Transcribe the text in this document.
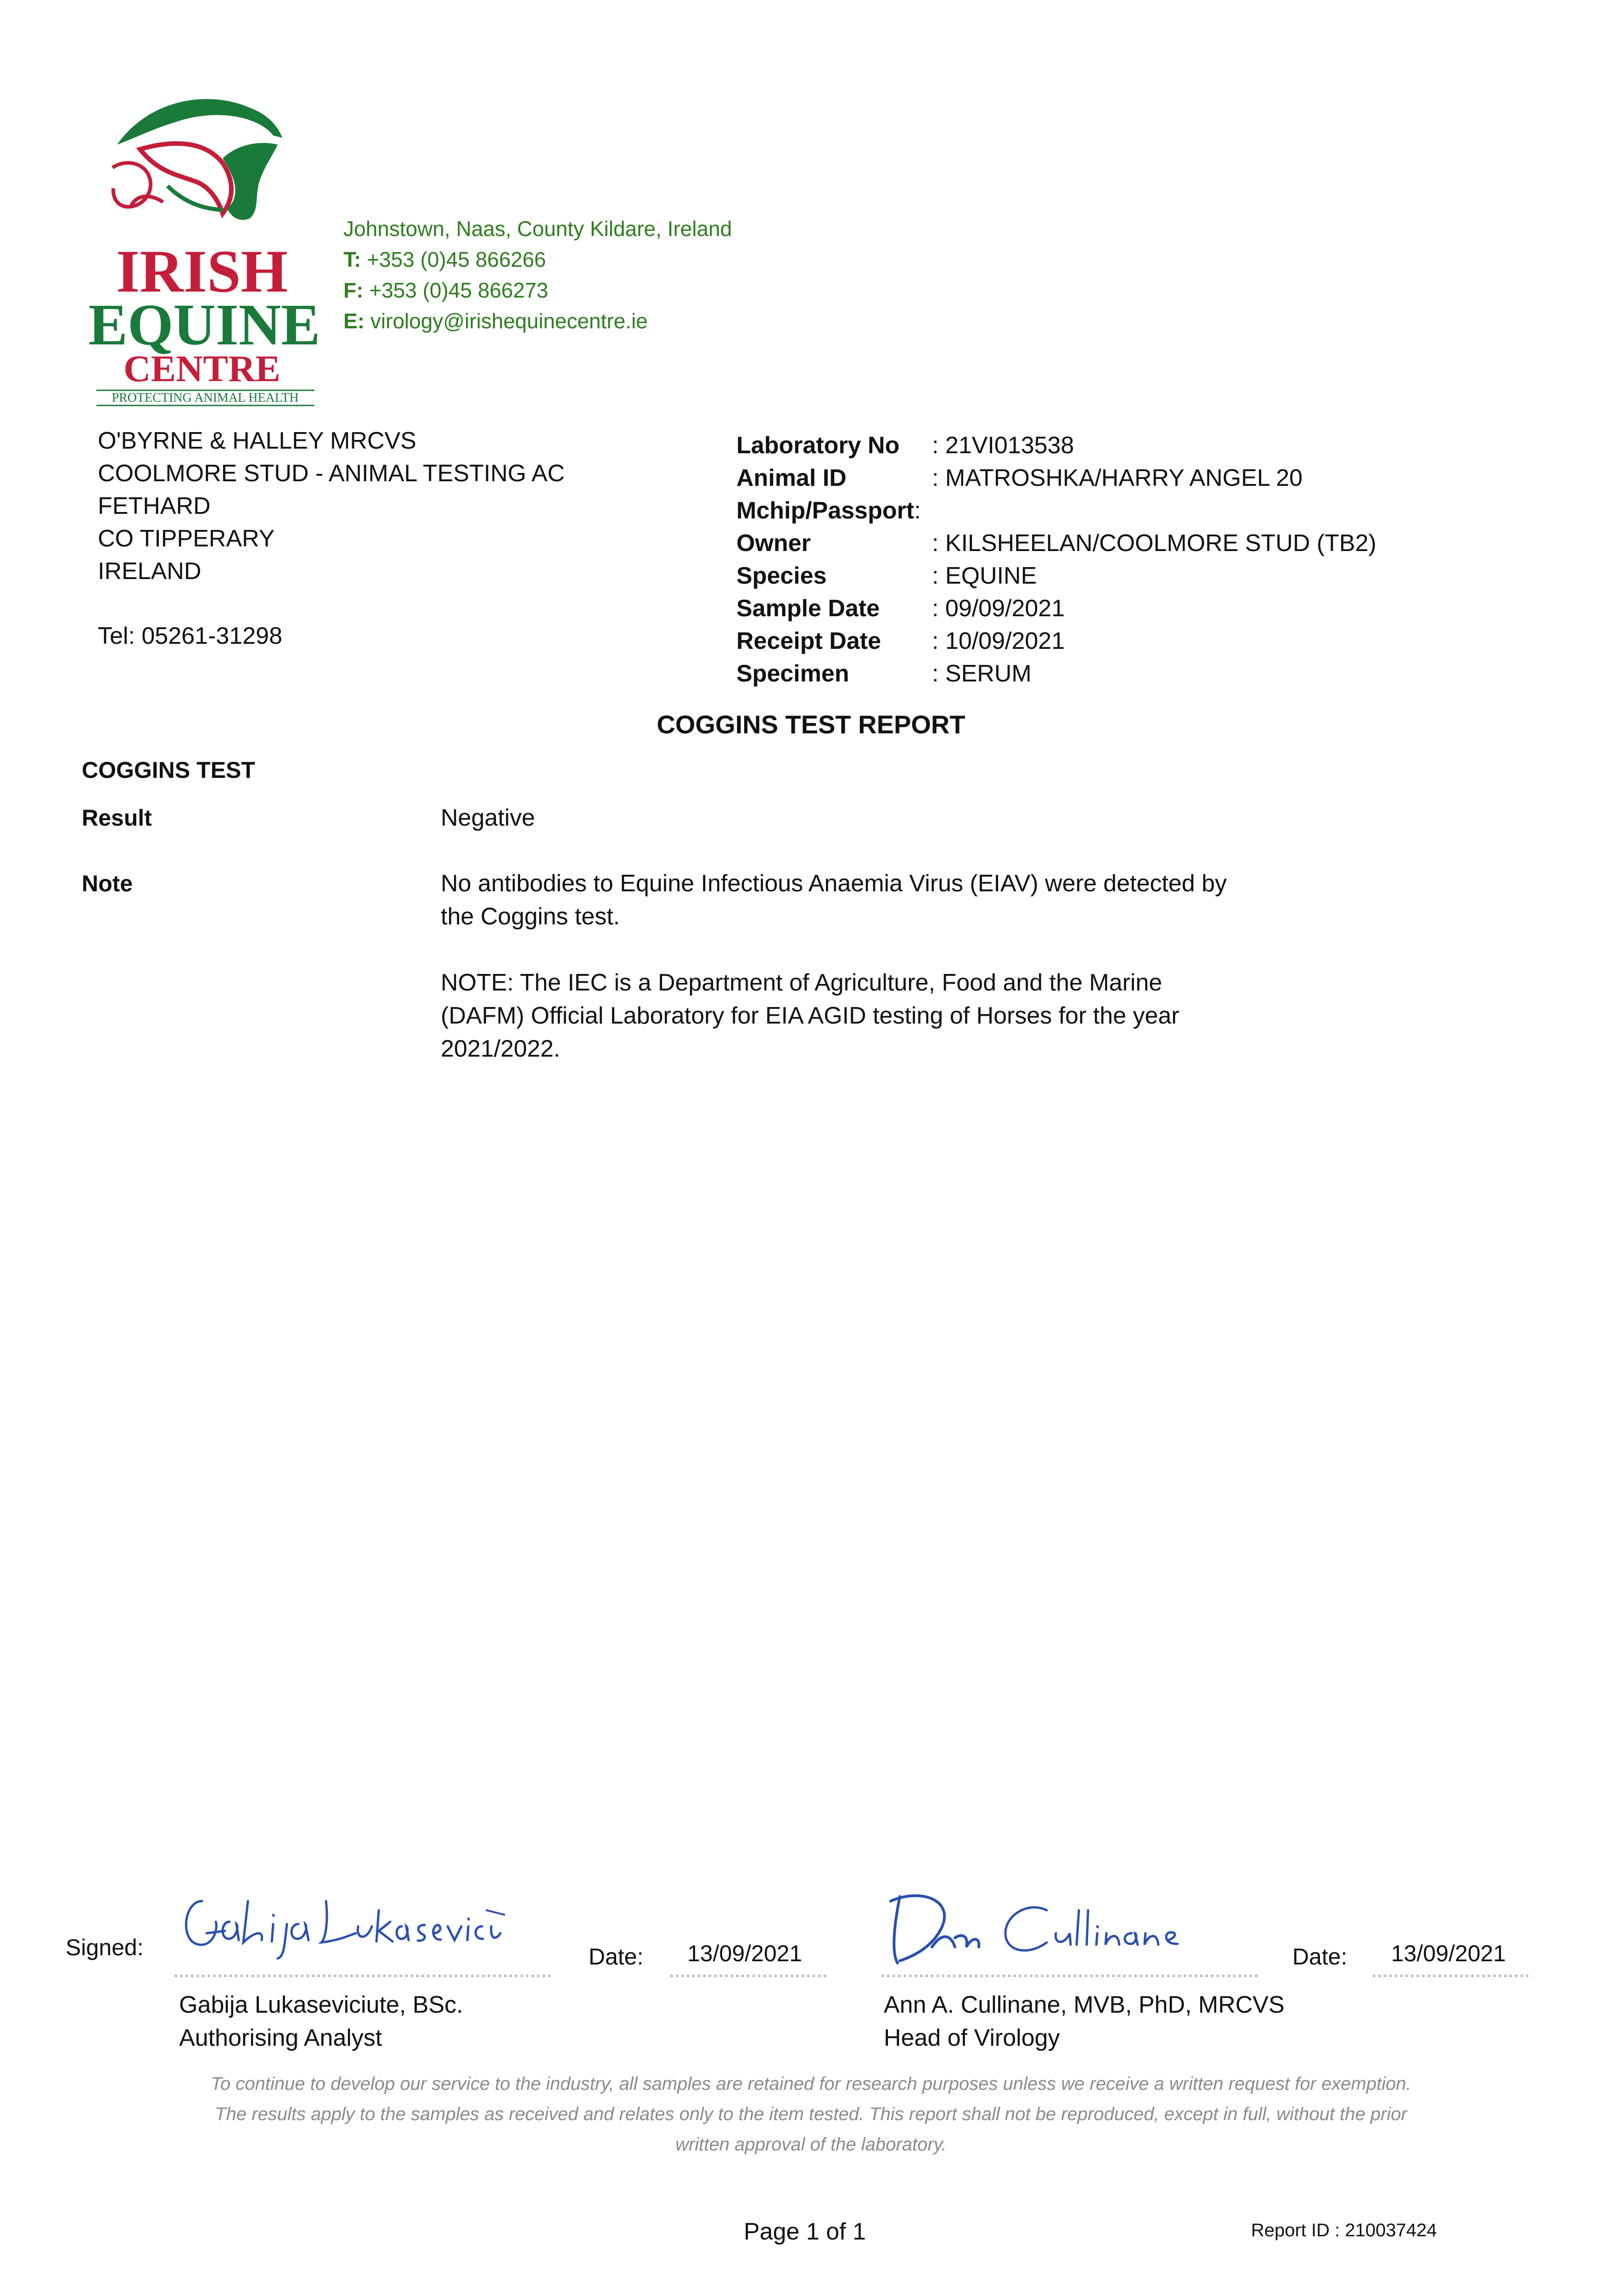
IRISH
EQUINE
CENTRE
PROTECTING ANIMAL HEALTH
Johnstown, Naas, County Kildare, Ireland
T: +353 (0)45 866266
F: +353 (0)45 866273
E: virology@irishequinecentre.ie
O'BYRNE & HALLEY MRCVS
COOLMORE STUD - ANIMAL TESTING AC
FETHARD
CO TIPPERARY
IRELAND
Tel: 05261-31298
Laboratory No	: 21VI013538
Animal ID	: MATROSHKA/HARRY ANGEL 20
Mchip/Passport :
Owner	: KILSHEELAN/COOLMORE STUD (TB2)
Species	: EQUINE
Sample Date	: 09/09/2021
Receipt Date	: 10/09/2021
Specimen	: SERUM
COGGINS TEST REPORT
COGGINS TEST
Result	Negative
Note	No antibodies to Equine Infectious Anaemia Virus (EIAV) were detected by
the Coggins test.
NOTE: The IEC is a Department of Agriculture, Food and the Marine
(DAFM) Official Laboratory for EIA AGID testing of Horses for the year
2021/2022.
Signed:	Date: 13/09/2021
Gabija Lukaseviciute, BSc.
Authorising Analyst
Date: 13/09/2021
Ann A. Cullinane, MVB, PhD, MRCVS
Head of Virology
To continue to develop our service to the industry, all samples are retained for research purposes unless we receive a written request for exemption.
The results apply to the samples as received and relates only to the item tested. This report shall not be reproduced, except in full, without the prior
written approval of the laboratory.
Page 1 of 1	Report ID : 210037424
